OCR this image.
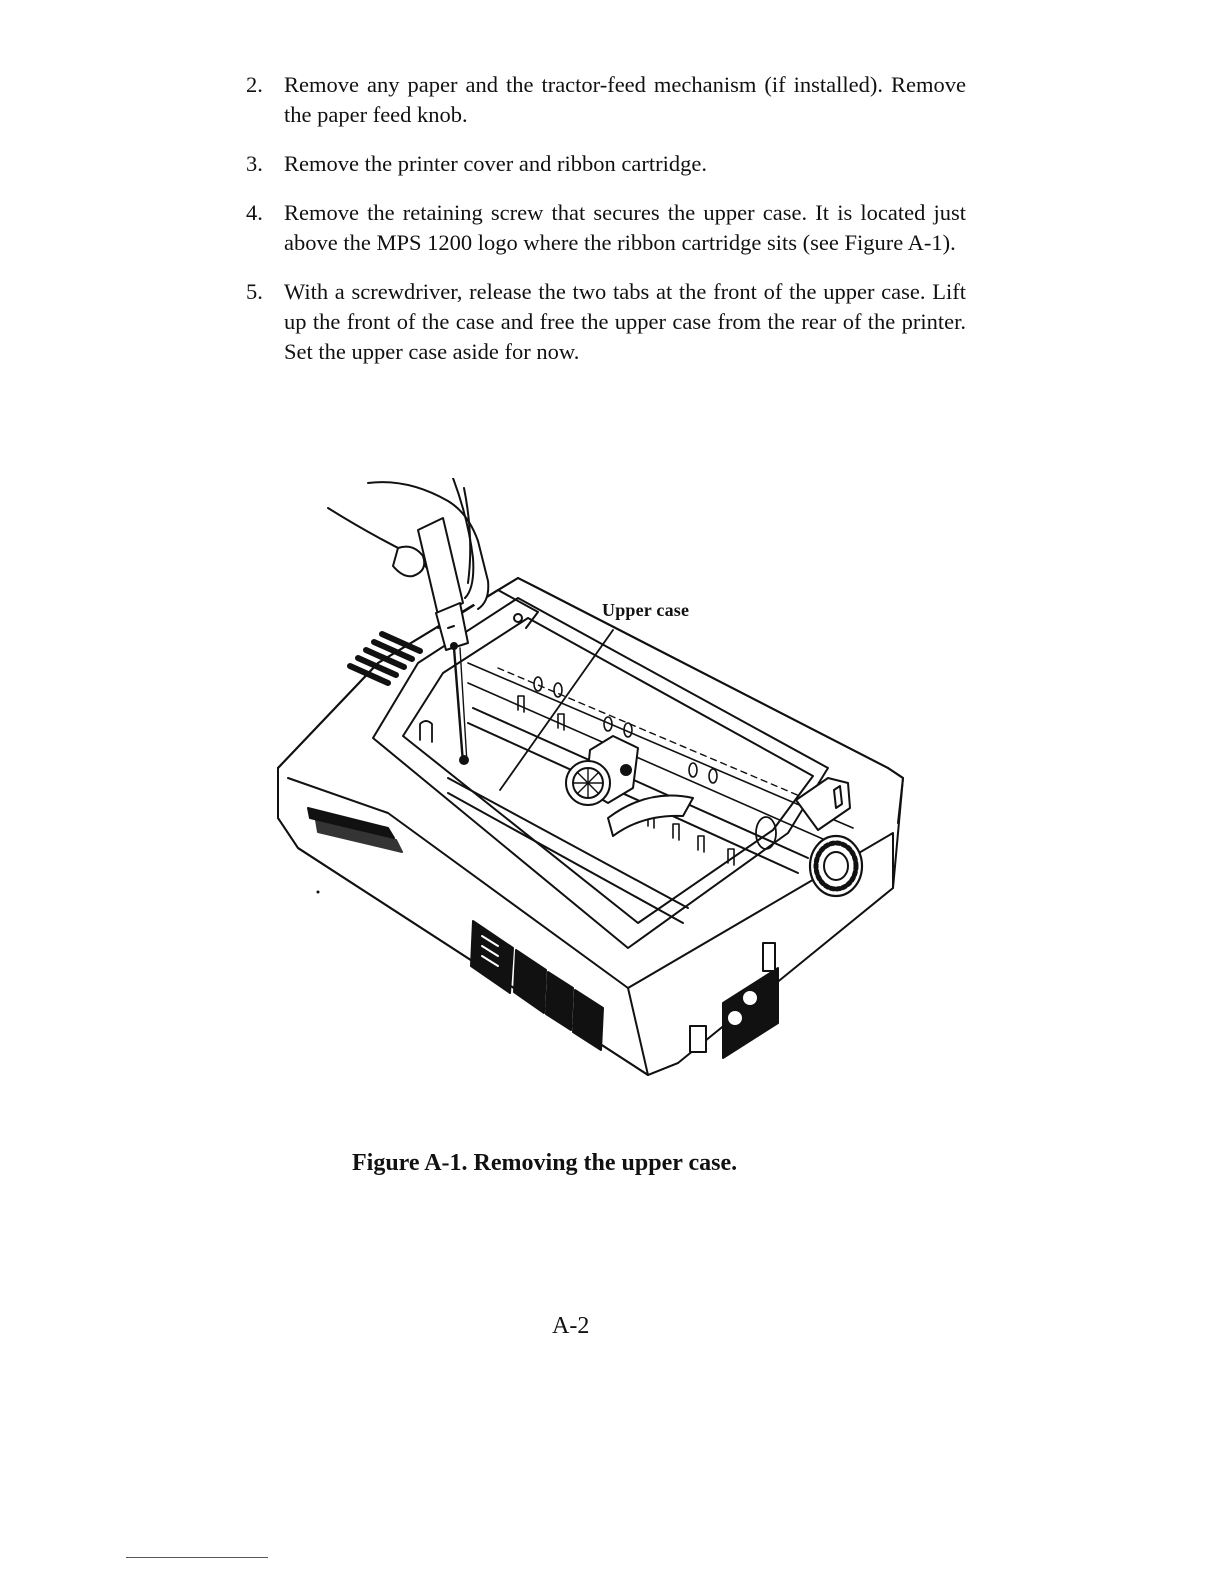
2. Remove any paper and the tractor-feed mechanism (if installed). Remove the paper feed knob.
3. Remove the printer cover and ribbon cartridge.
4. Remove the retaining screw that secures the upper case. It is located just above the MPS 1200 logo where the ribbon cartridge sits (see Figure A-1).
5. With a screwdriver, release the two tabs at the front of the upper case. Lift up the front of the case and free the upper case from the rear of the printer. Set the upper case aside for now.
Upper case
Figure A-1. Removing the upper case.
A-2
